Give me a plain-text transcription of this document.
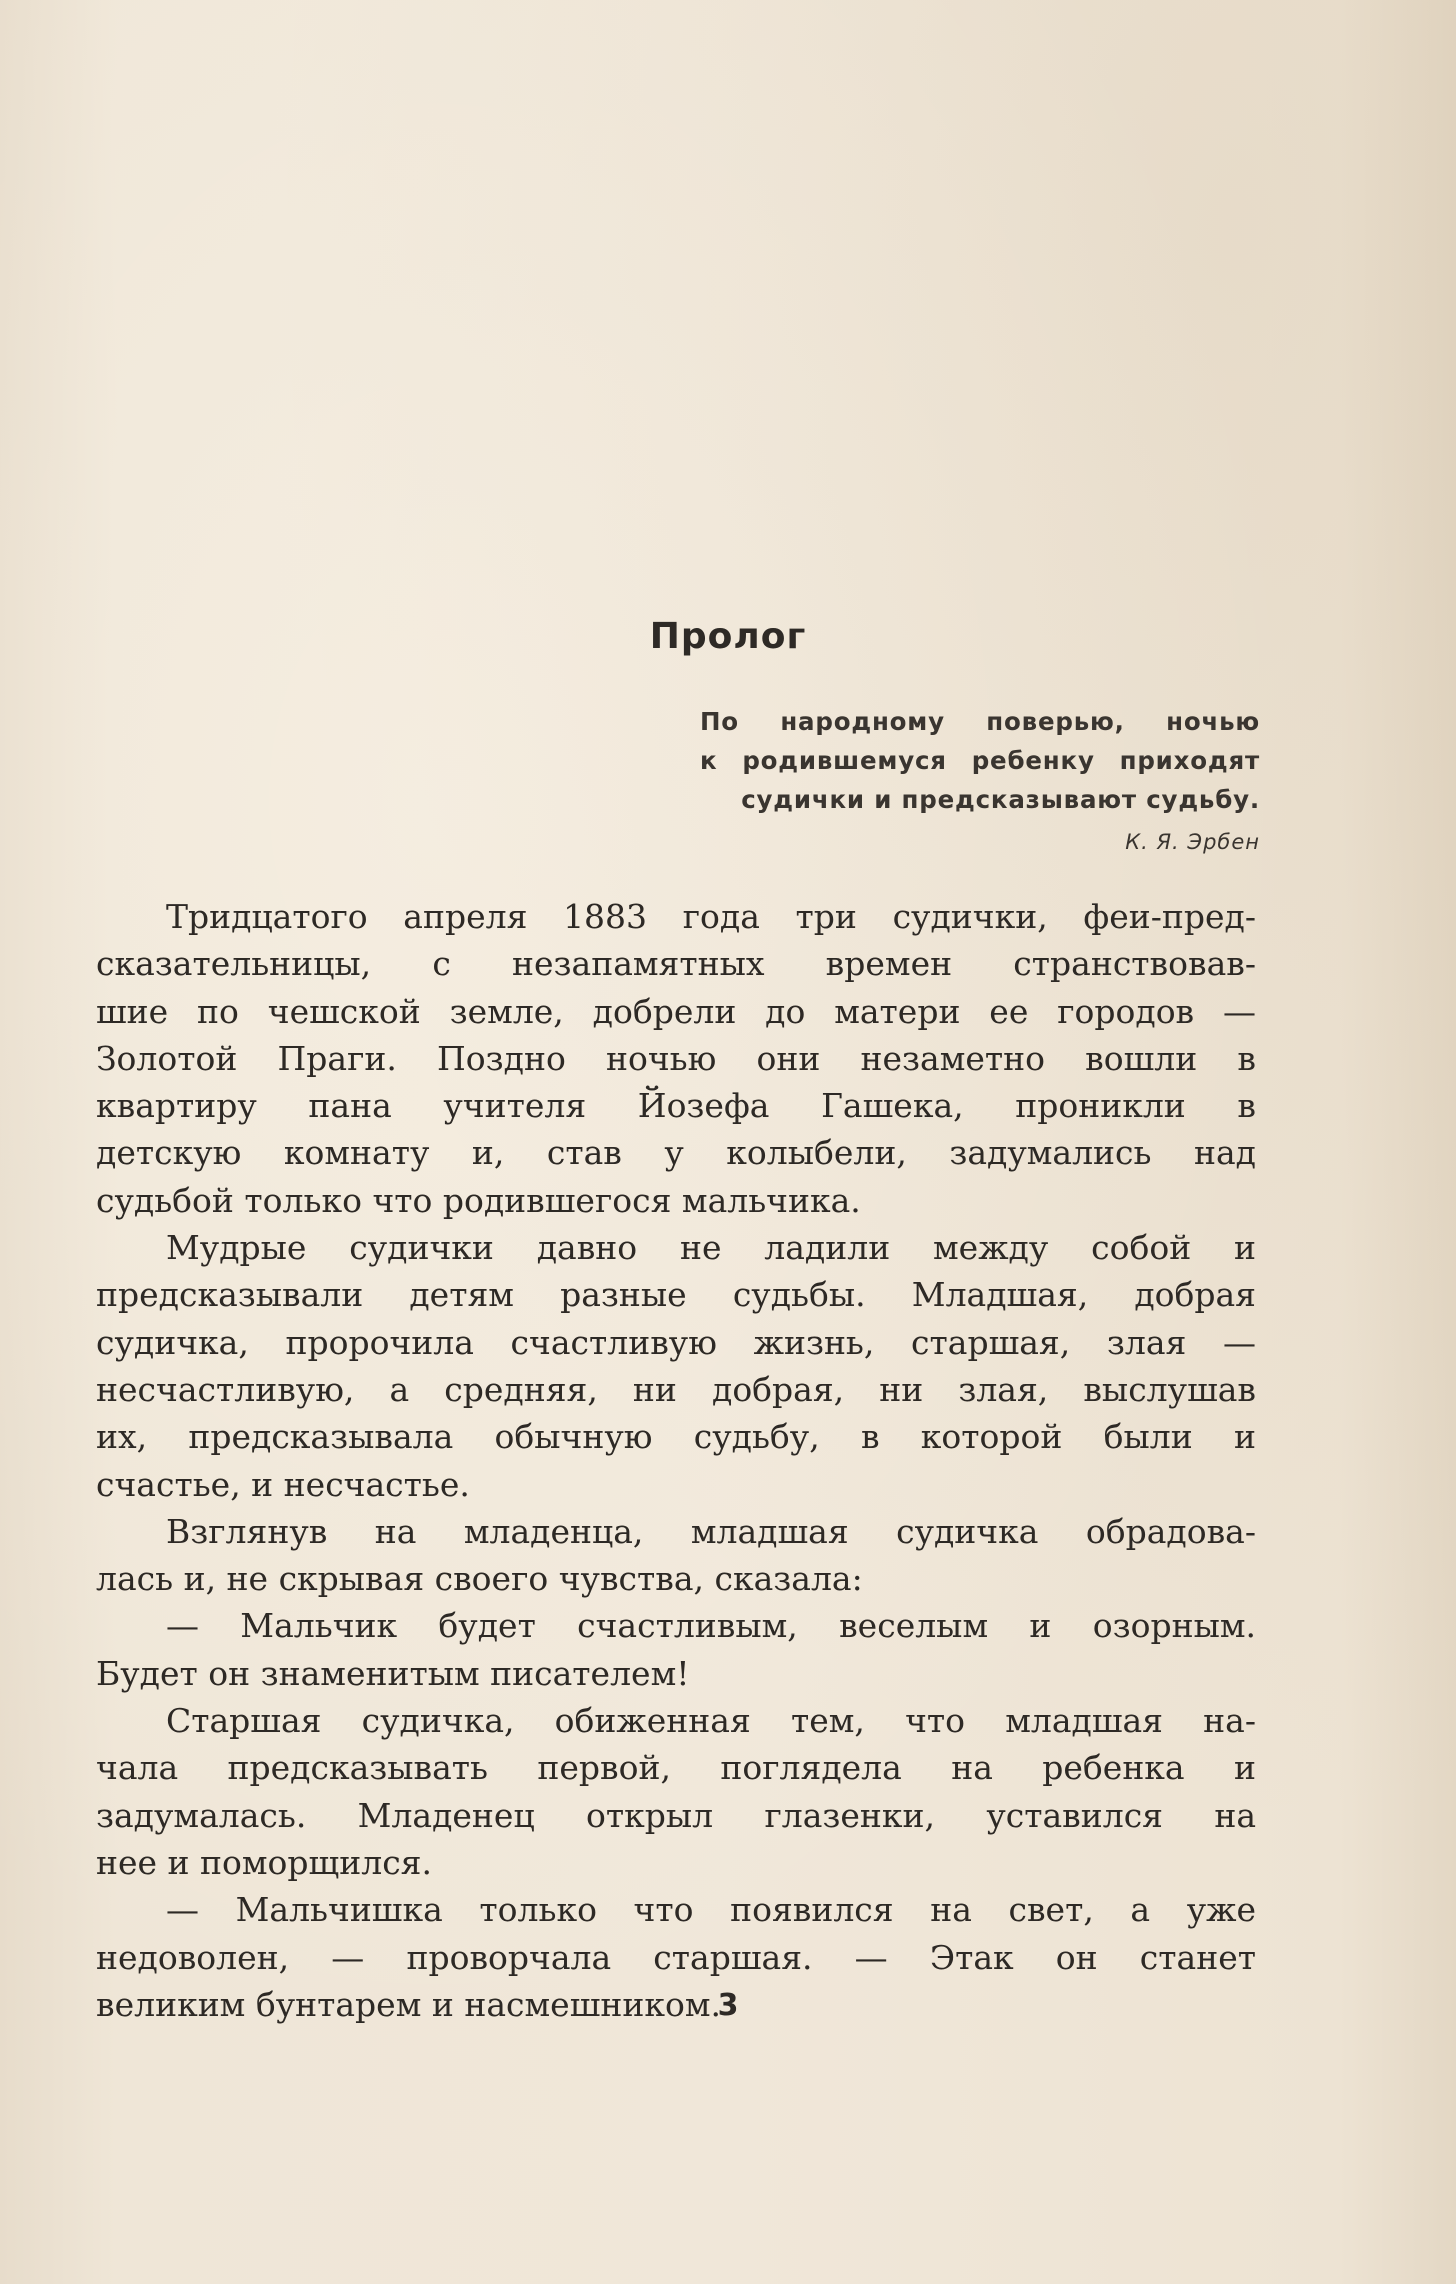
Пролог
По народному поверью, ночью
к родившемуся ребенку приходят
судички и предсказывают судьбу.
К. Я. Эрбен
Тридцатого апреля 1883 года три судички, феи-пред-
сказательницы, с незапамятных времен странствовав-
шие по чешской земле, добрели до матери ее городов —
Золотой Праги. Поздно ночью они незаметно вошли в
квартиру пана учителя Йозефа Гашека, проникли в
детскую комнату и, став у колыбели, задумались над
судьбой только что родившегося мальчика.
Мудрые судички давно не ладили между собой и
предсказывали детям разные судьбы. Младшая, добрая
судичка, пророчила счастливую жизнь, старшая, злая —
несчастливую, а средняя, ни добрая, ни злая, выслушав
их, предсказывала обычную судьбу, в которой были и
счастье, и несчастье.
Взглянув на младенца, младшая судичка обрадова-
лась и, не скрывая своего чувства, сказала:
— Мальчик будет счастливым, веселым и озорным.
Будет он знаменитым писателем!
Старшая судичка, обиженная тем, что младшая на-
чала предсказывать первой, поглядела на ребенка и
задумалась. Младенец открыл глазенки, уставился на
нее и поморщился.
— Мальчишка только что появился на свет, а уже
недоволен, — проворчала старшая. — Этак он станет
великим бунтарем и насмешником.
3
